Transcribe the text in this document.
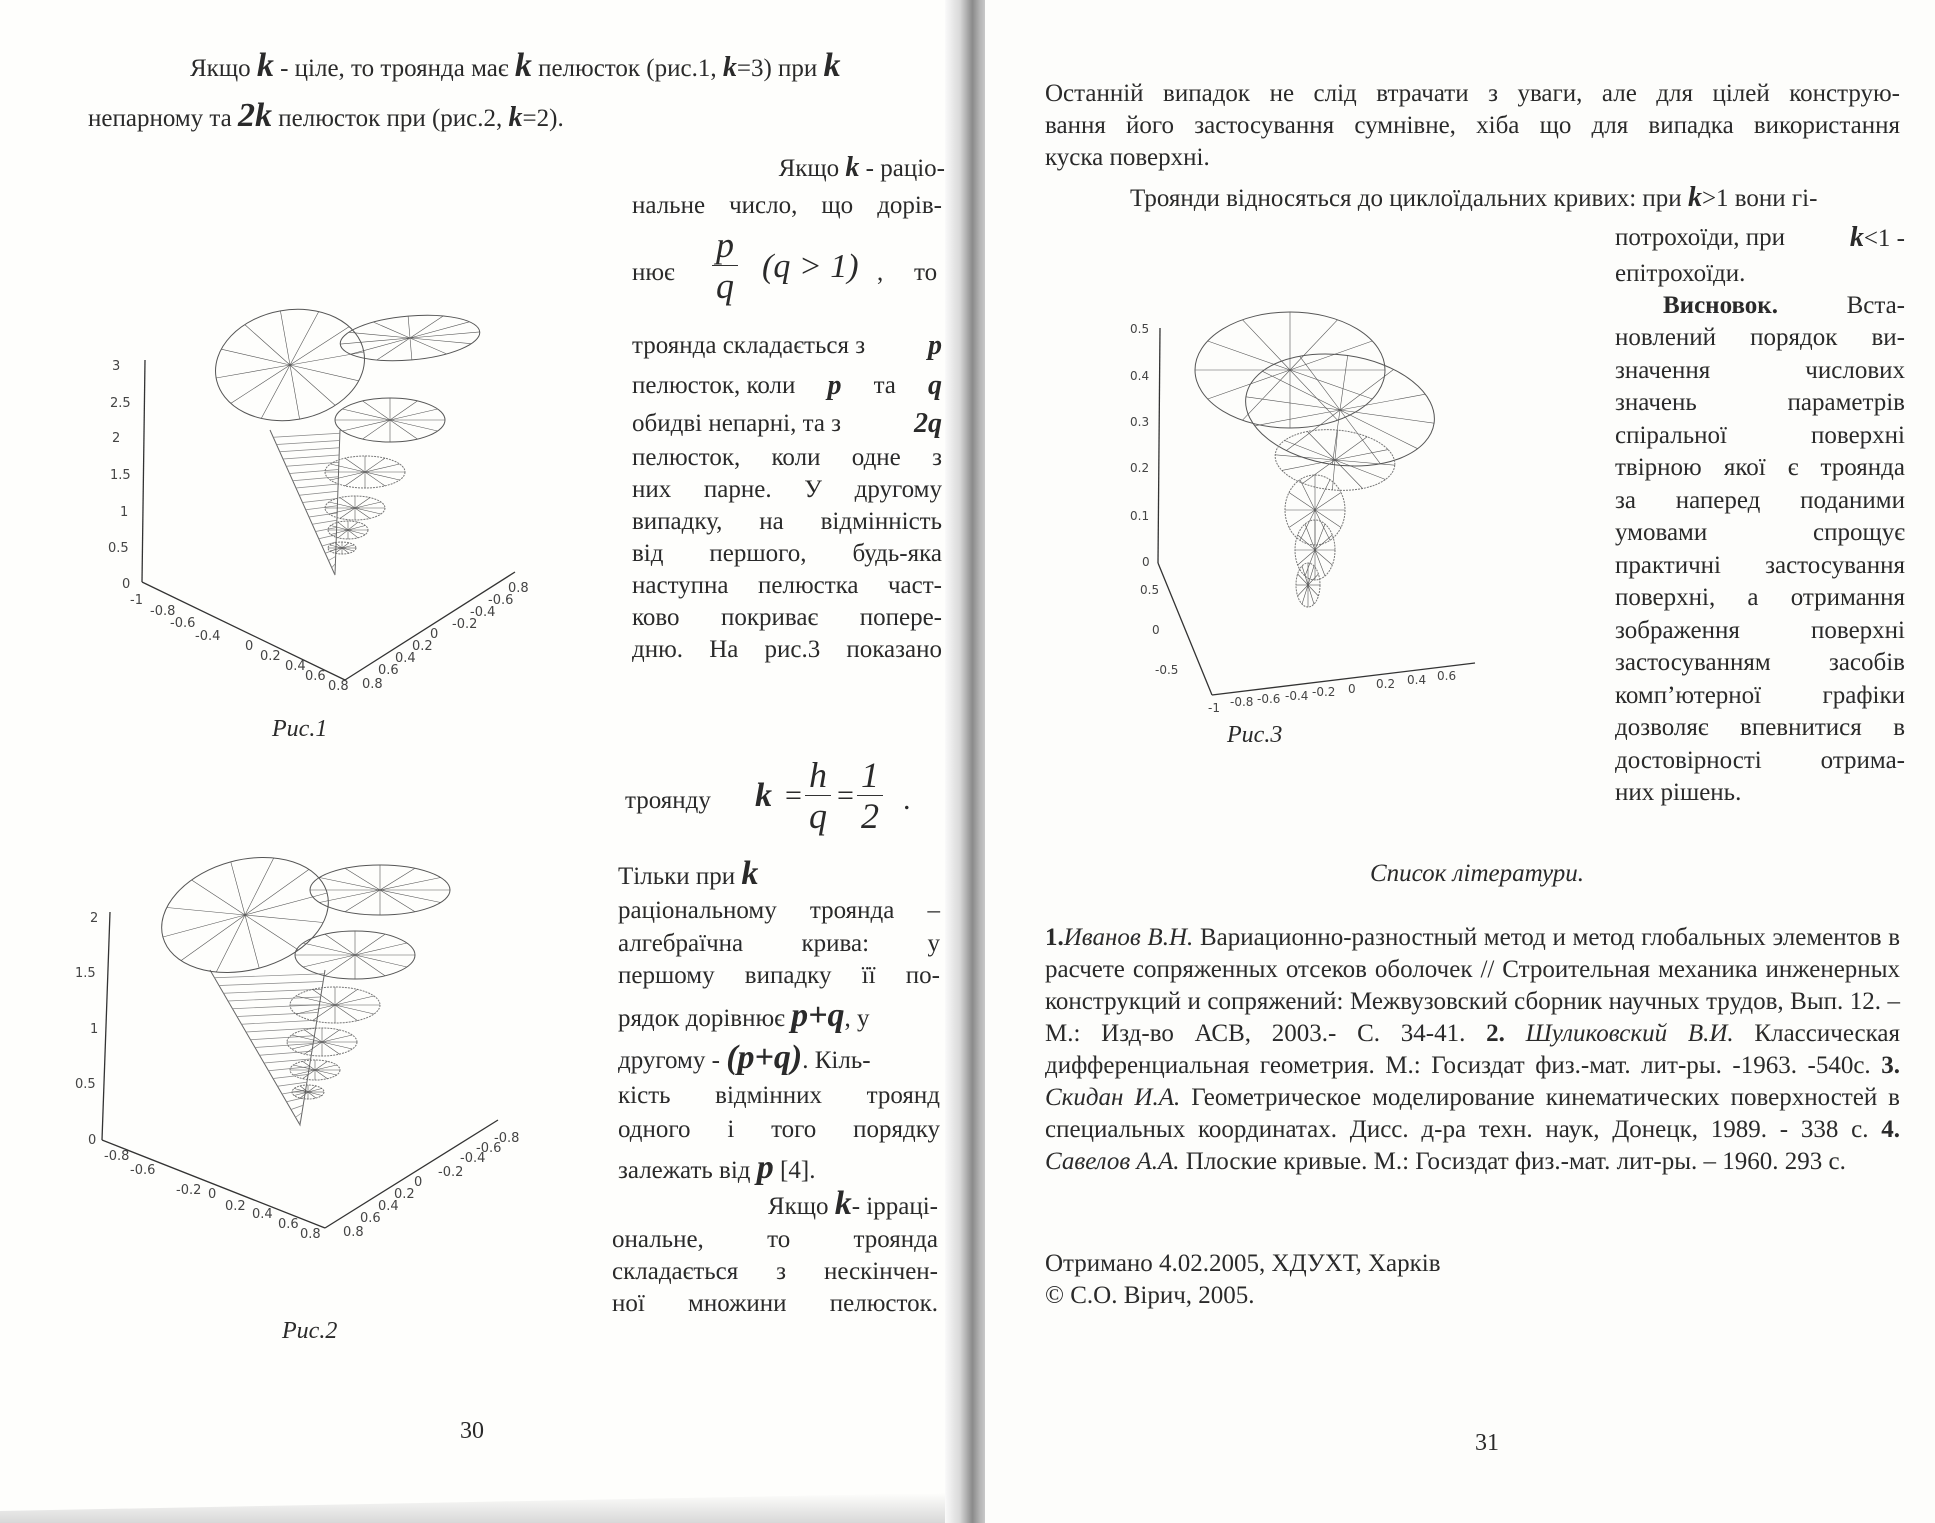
Якщо k - ціле, то троянда має k пелюсток (рис.1, k=3) при k
непарному та 2k пелюсток при (рис.2, k=2).
Якщо k - раціо-
нальне число, що дорів-
нює $\frac{p}{q} (q > 1)$ , то
троянда складається з p
пелюсток, коли p та q
обидві непарні, та з	2q
пелюсток, коли одне з
них парне. У другому
випадку, на відмінність
від першого, будь-яка
наступна пелюстка част-
ково покриває попере-
дню. На рис.3 показано
троянду $k = \frac{h}{q} = \frac{1}{2}$ .
Тільки при k
раціональному троянда –
алгебраїчна крива: у
першому випадку її по-
рядок дорівнює p+q, у
другому - (p+q). Кіль-
кість відмінних троянд
одного і того порядку
залежать від p [4].
Якщо k- ірраці-
ональне, то троянда
складається з нескінчен-
ної множини пелюсток.
3
2.5
2
1.5
1
0.5
0
-1
-0.8
-0.6
-0.4
0
0.2
0.4
0.6
0.8 0.8
0.6
0.4
0.2
0
-0.2
-0.4
-0.6
0.8
Рис.1
2
1.5
1
0.5
0
-0.8
-0.6
-0.2 0
0.2
0.4
0.6
0.8 0.8
0.6
0.4
0.2
0
-0.2
-0.4
-0.6
-0.8
Рис.2
30
Останній випадок не слід втрачати з уваги, але для цілей конструю-
вання його застосування сумнівне, хіба що для випадка використання
куска поверхні.
Троянди відносяться до циклоїдальних кривих: при k>1 вони гі-
потрохоїди, при k<1 -
епітрохоїди.
Висновок.	Вста-
новлений порядок ви-
значення числових
значень параметрів
спіральної поверхні
твірною якої є троянда
за наперед поданими
умовами спрощує
практичні застосування
поверхні, а отримання
зображення поверхні
застосуванням засобів
комп’ютерної графіки
дозволяє впевнитися в
достовірності отрима-
них рішень.
0.5
0.4
0.3
0.2
0.1
0
0.5
0
-0.5
-1 -0.8 -0.6 -0.4 -0.2 0 0.2 0.4 0.6
Рис.3
Список літератури.
1.Иванов В.Н. Вариационно-разностный метод и метод глобальных элементов в расчете сопряженных отсеков оболочек // Строительная механика инженерных конструкций и сопряжений: Межвузовский сборник научных трудов, Вып. 12. – М.: Изд-во АСВ, 2003.- С. 34-41. 2. Шуликовский В.И. Классическая дифференциальная геометрия. М.: Госиздат физ.-мат. лит-ры. -1963. -540с. 3. Скидан И.А. Геометрическое моделирование кинематических поверхностей в специальных координатах. Дисс. д-ра техн. наук, Донецк, 1989. - 338 с. 4. Савелов А.А. Плоские кривые. М.: Госиздат физ.-мат. лит-ры. – 1960. 293 с.
Отримано 4.02.2005, ХДУХТ, Харків
© С.О. Вірич, 2005.
31
